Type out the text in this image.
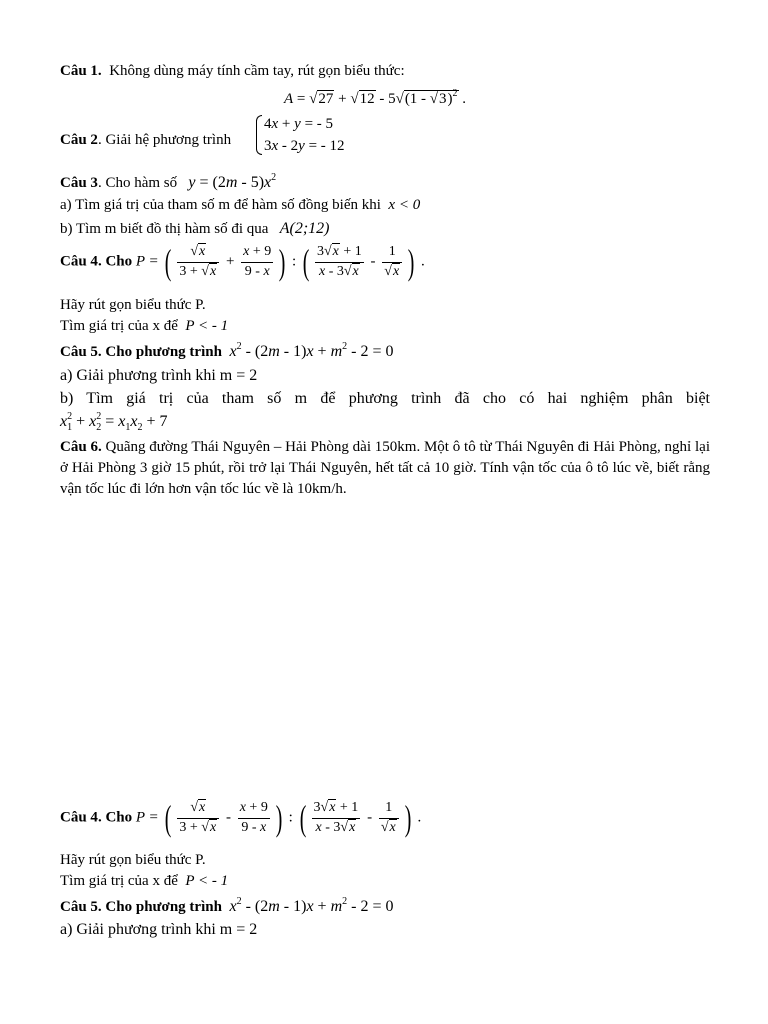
Câu 1. Không dùng máy tính cầm tay, rút gọn biểu thức:
A = √27 + √12 - 5√(1 - √3)$^2$ .
Câu 2. Giải hệ phương trình
4x + y = - 5
3x - 2y = - 12
Câu 3. Cho hàm số $y = (2m - 5)x^2$
a) Tìm giá trị của tham số m để hàm số đồng biến khi x < 0
b) Tìm m biết đồ thị hàm số đi qua A(2;12)
Câu 4. Cho P = ( $\frac{√x}{3 + √x} + \frac{x + 9}{9 - x}$ ) : ( $\frac{3√x + 1}{x - 3√x} - \frac{1}{√x}$ ) .
Hãy rút gọn biểu thức P.
Tìm giá trị của x để P < - 1
Câu 5. Cho phương trình $x^2 - (2m - 1)x + m^2 - 2 = 0$
a) Giải phương trình khi m = 2
b) Tìm giá trị của tham số m để phương trình đã cho có hai nghiệm phân biệt
$x_1^2 + x_2^2 = x_1x_2 + 7$
Câu 6. Quãng đường Thái Nguyên – Hải Phòng dài 150km. Một ô tô từ Thái Nguyên đi Hải Phòng, nghỉ lại ở Hải Phòng 3 giờ 15 phút, rồi trở lại Thái Nguyên, hết tất cả 10 giờ. Tính vận tốc của ô tô lúc về, biết rằng vận tốc lúc đi lớn hơn vận tốc lúc về là 10km/h.
Câu 4. Cho P = ( $\frac{√x}{3 + √x} - \frac{x + 9}{9 - x}$ ) : ( $\frac{3√x + 1}{x - 3√x} - \frac{1}{√x}$ ) .
Hãy rút gọn biểu thức P.
Tìm giá trị của x để P < - 1
Câu 5. Cho phương trình $x^2 - (2m - 1)x + m^2 - 2 = 0$
a) Giải phương trình khi m = 2
